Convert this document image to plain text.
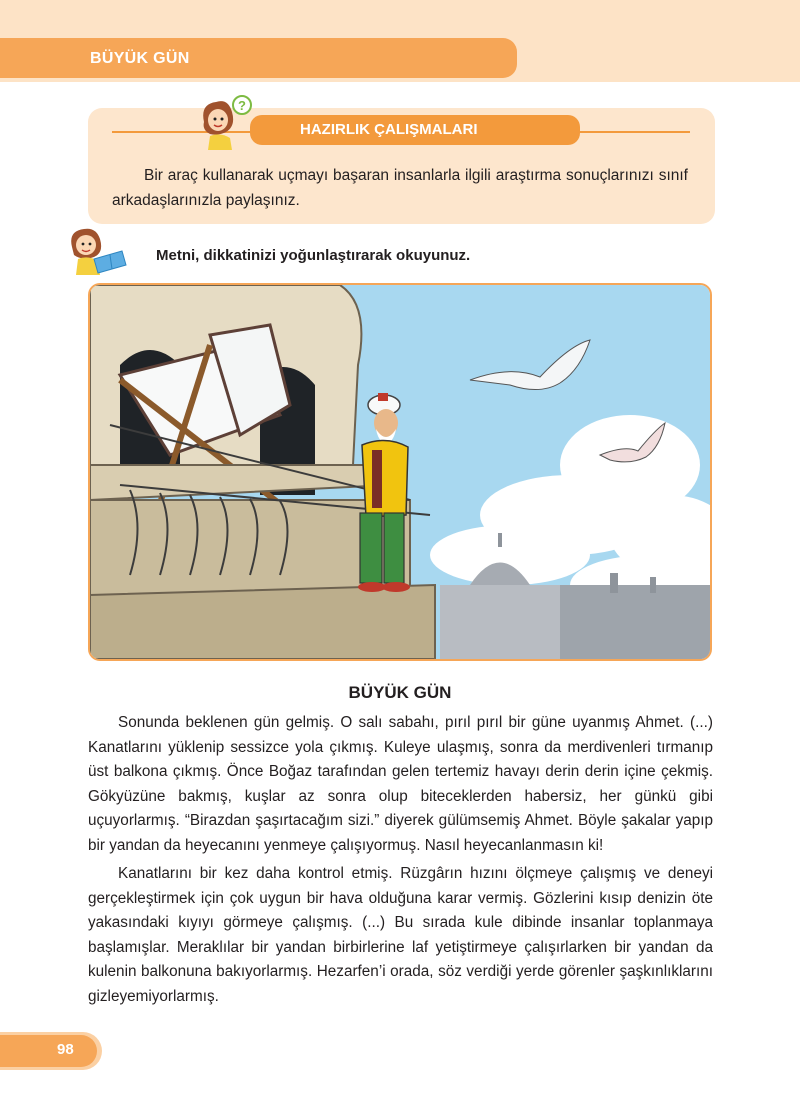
BÜYÜK GÜN
HAZIRLIK ÇALIŞMALARI

Bir araç kullanarak uçmayı başaran insanlarla ilgili araştırma sonuçlarınızı sınıf arkadaşlarınızla paylaşınız.

?
Metni, dikkatinizi yoğunlaştırarak okuyunuz.
BÜYÜK GÜN

Sonunda beklenen gün gelmiş. O salı sabahı, pırıl pırıl bir güne uyanmış Ahmet. (...) Kanatlarını yüklenip sessizce yola çıkmış. Kuleye ulaşmış, sonra da merdivenleri tırmanıp üst balkona çıkmış. Önce Boğaz tarafından gelen tertemiz havayı derin derin içine çekmiş. Gökyüzüne bakmış, kuşlar az sonra olup biteceklerden habersiz, her günkü gibi uçuyorlarmış. “Birazdan şaşırtacağım sizi.” diyerek gülümsemiş Ahmet. Böyle şakalar yapıp bir yandan da heyecanını yenmeye çalışıyormuş. Nasıl heyecanlanmasın ki!

Kanatlarını bir kez daha kontrol etmiş. Rüzgârın hızını ölçmeye çalışmış ve deneyi gerçekleştirmek için çok uygun bir hava olduğuna karar vermiş. Gözlerini kısıp denizin öte yakasındaki kıyıyı görmeye çalışmış. (...) Bu sırada kule dibinde insanlar toplanmaya başlamışlar. Meraklılar bir yandan birbirlerine laf yetiştirmeye çalışırlarken bir yandan da kulenin balkonuna bakıyorlarmış. Hezarfen’i orada, söz verdiği yerde görenler şaşkınlıklarını gizleyemiyorlarmış.

98
